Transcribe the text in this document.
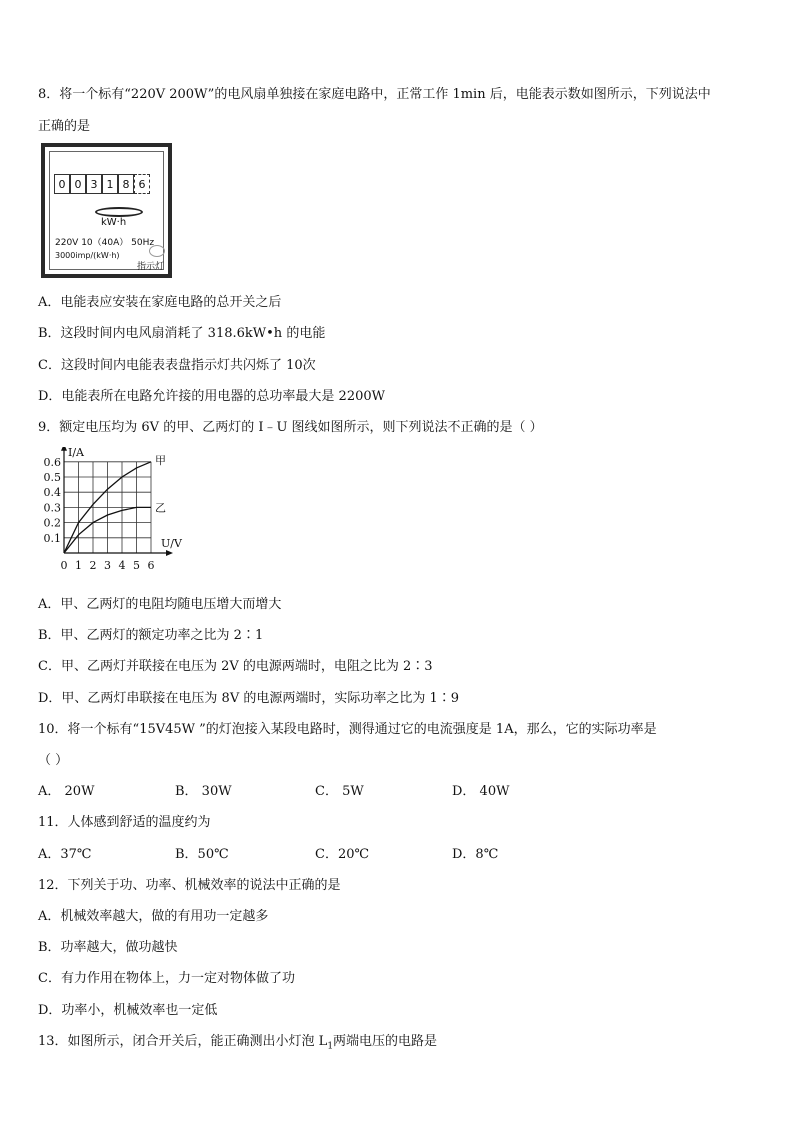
8．将一个标有“220V 200W”的电风扇单独接在家庭电路中，正常工作 1min 后，电能表示数如图所示，下列说法中
正确的是
0 0 3 1 8 6
kW·h
220V 10（40A） 50Hz
3000imp/(kW·h)
指示灯
A．电能表应安装在家庭电路的总开关之后
B．这段时间内电风扇消耗了 318.6kW•h 的电能
C．这段时间内电能表表盘指示灯共闪烁了 10次
D．电能表所在电路允许接的用电器的总功率最大是 2200W
9．额定电压均为 6V 的甲、乙两灯的 I﹣U 图线如图所示，则下列说法不正确的是（ ）
甲
乙
0.1
0.2
0.3
0.4
0.5
0.6
0 1 2 3 4 5 6
I/A
U/V
A．甲、乙两灯的电阻均随电压增大而增大
B．甲、乙两灯的额定功率之比为 2∶1
C．甲、乙两灯并联接在电压为 2V 的电源两端时，电阻之比为 2∶3
D．甲、乙两灯串联接在电压为 8V 的电源两端时，实际功率之比为 1∶9
10．将一个标有“15V45W ”的灯泡接入某段电路时，测得通过它的电流强度是 1A，那么，它的实际功率是
（ ）
A． 20W	B． 30W	C． 5W	D． 40W
11．人体感到舒适的温度约为
A．37℃	B．50℃	C．20℃	D．8℃
12．下列关于功、功率、机械效率的说法中正确的是
A．机械效率越大，做的有用功一定越多
B．功率越大，做功越快
C．有力作用在物体上，力一定对物体做了功
D．功率小，机械效率也一定低
13．如图所示，闭合开关后，能正确测出小灯泡 $L_1$两端电压的电路是
